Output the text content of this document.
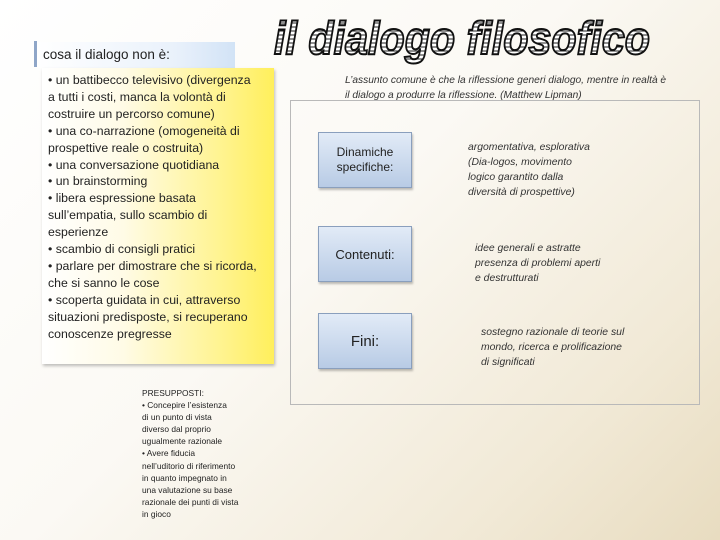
il dialogo filosofico
cosa il dialogo non è:
• un battibecco televisivo (divergenza
a tutti i costi, manca la volontà di
costruire un percorso comune)
• una co-narrazione (omogeneità di
prospettive reale o costruita)
• una conversazione quotidiana
• un brainstorming
• libera espressione basata
sull’empatia, sullo scambio di
esperienze
• scambio di consigli pratici
• parlare per dimostrare che si ricorda,
che si sanno le cose
• scoperta guidata in cui, attraverso
situazioni predisposte, si recuperano
conoscenze pregresse
PRESUPPOSTI:
• Concepire l’esistenza
di un punto di vista
diverso dal proprio
ugualmente razionale
• Avere fiducia
nell’uditorio di riferimento
in quanto impegnato in
una valutazione su base
razionale dei punti di vista
in gioco
L’assunto comune è che la riflessione generi dialogo, mentre in realtà è
il dialogo a produrre la riflessione. (Matthew Lipman)
Dinamiche
specifiche:
argomentativa, esplorativa
(Dia-logos, movimento
logico garantito dalla
diversità di prospettive)
Contenuti:	idee generali e astratte
presenza di problemi aperti
e destrutturati
Fini:	sostegno razionale di teorie sul
mondo, ricerca e prolificazione
di significati
